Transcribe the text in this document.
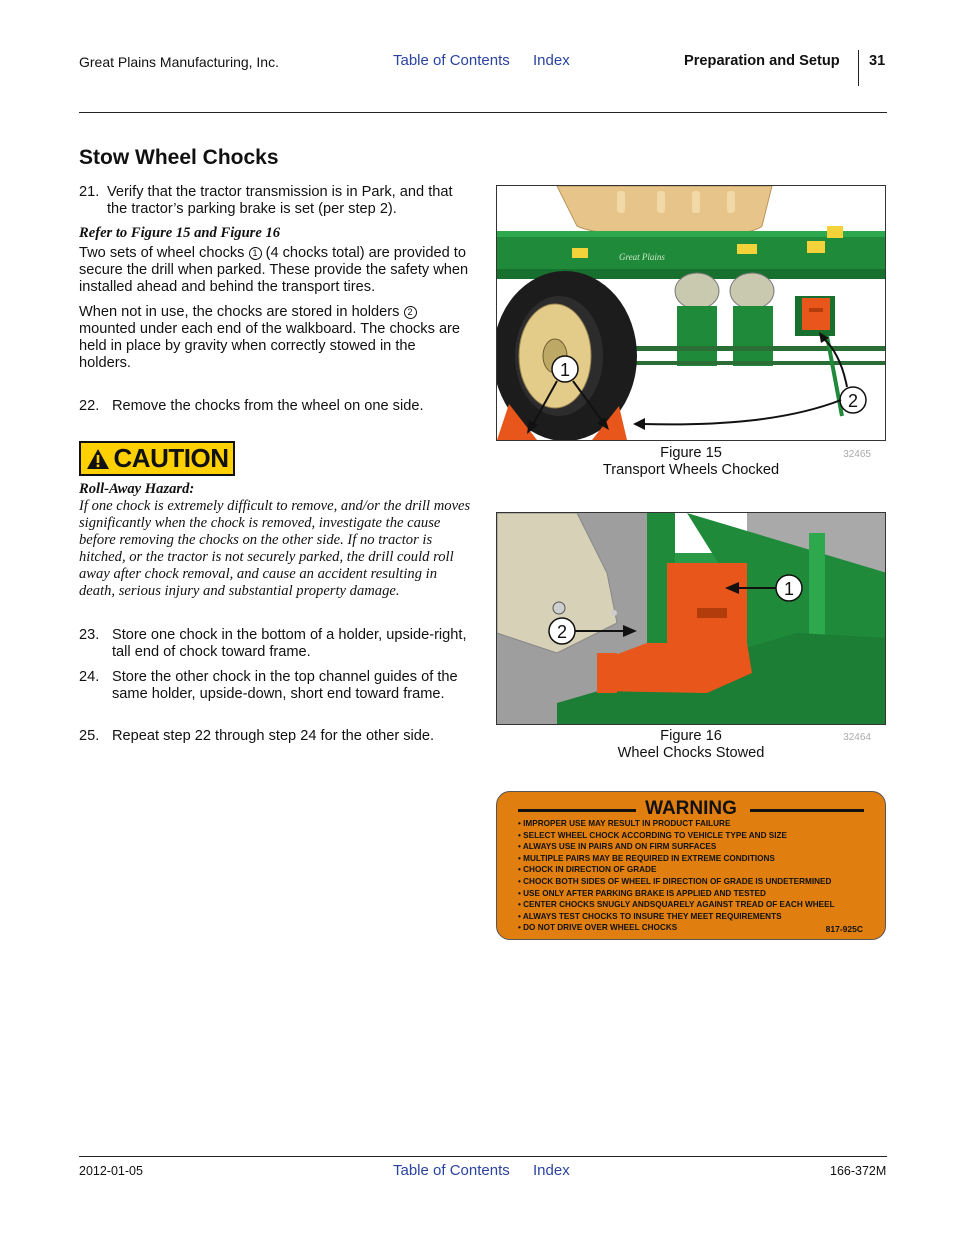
Great Plains Manufacturing, Inc.	Table of Contents Index	Preparation and Setup 31
Stow Wheel Chocks
21. Verify that the tractor transmission is in Park, and that the tractor’s parking brake is set (per step 2).
Refer to Figure 15 and Figure 16
Two sets of wheel chocks 1 (4 chocks total) are provided to secure the drill when parked. These provide the safety when installed ahead and behind the transport tires.
When not in use, the chocks are stored in holders 2 mounted under each end of the walkboard. The chocks are held in place by gravity when correctly stowed in the holders.
22. Remove the chocks from the wheel on one side.
CAUTION
Roll-Away Hazard:
If one chock is extremely difficult to remove, and/or the drill moves significantly when the chock is removed, investigate the cause before removing the chocks on the other side. If no tractor is hitched, or the tractor is not securely parked, the drill could roll away after chock removal, and cause an accident resulting in death, serious injury and substantial property damage.
23. Store one chock in the bottom of a holder, upside-right, tall end of chock toward frame.
24. Store the other chock in the top channel guides of the same holder, upside-down, short end toward frame.
25. Repeat step 22 through step 24 for the other side.
Great Plains
1
2
Figure 15
Transport Wheels Chocked
32465
1
2
Figure 16
Wheel Chocks Stowed
32464
WARNING
• IMPROPER USE MAY RESULT IN PRODUCT FAILURE
• SELECT WHEEL CHOCK ACCORDING TO VEHICLE TYPE AND SIZE
• ALWAYS USE IN PAIRS AND ON FIRM SURFACES
• MULTIPLE PAIRS MAY BE REQUIRED IN EXTREME CONDITIONS
• CHOCK IN DIRECTION OF GRADE
• CHOCK BOTH SIDES OF WHEEL IF DIRECTION OF GRADE IS UNDETERMINED
• USE ONLY AFTER PARKING BRAKE IS APPLIED AND TESTED
• CENTER CHOCKS SNUGLY ANDSQUARELY AGAINST TREAD OF EACH WHEEL
• ALWAYS TEST CHOCKS TO INSURE THEY MEET REQUIREMENTS
• DO NOT DRIVE OVER WHEEL CHOCKS	817-925C
2012-01-05	Table of Contents Index	166-372M
